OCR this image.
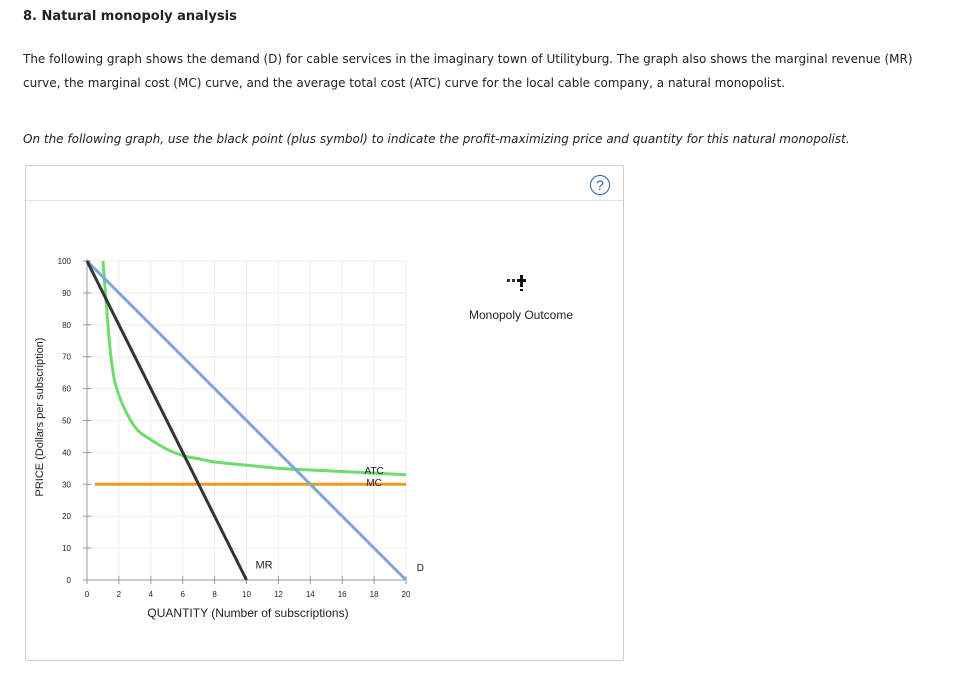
8. Natural monopoly analysis
The following graph shows the demand (D) for cable services in the imaginary town of Utilityburg. The graph also shows the marginal revenue (MR) curve, the marginal cost (MC) curve, and the average total cost (ATC) curve for the local cable company, a natural monopolist.
On the following graph, use the black point (plus symbol) to indicate the profit-maximizing price and quantity for this natural monopolist.
?
0
10
20
30
40
50
60
70
80
90
100
0	2	4	6	8	10	12	14	16	18	20
MR	D
ATC
MC
PRICE (Dollars per subscription)
QUANTITY (Number of subscriptions)
Monopoly Outcome
